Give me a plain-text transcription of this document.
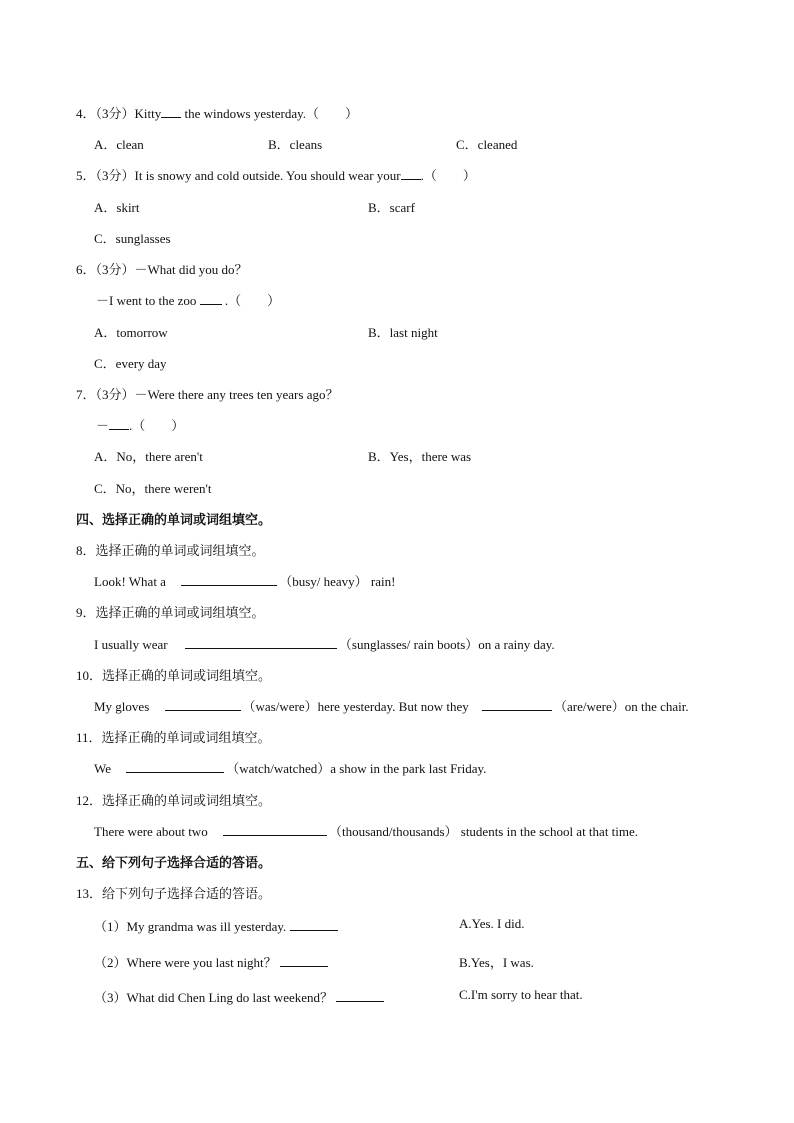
4．（3分）Kitty the windows yesterday.（　　）
A．clean	B．cleans	C．cleaned
5．（3分）It is snowy and cold outside. You should wear your .（　　）
A．skirt	B．scarf
C．sunglasses
6．（3分）－What did you do？
－I went to the zoo  .（　　）
A．tomorrow	B．last night
C．every day
7．（3分）－Were there any trees ten years ago？
－ .（　　）
A．No，there aren't	B．Yes，there was
C．No，there weren't
四、选择正确的单词或词组填空。
8．选择正确的单词或词组填空。
Look! What a	（busy/ heavy） rain!
9．选择正确的单词或词组填空。
I usually wear	（sunglasses/ rain boots）on a rainy day.
10．选择正确的单词或词组填空。
My gloves	（was/were）here yesterday. But now they	（are/were）on the chair.
11．选择正确的单词或词组填空。
We	（watch/watched）a show in the park last Friday.
12．选择正确的单词或词组填空。
There were about two	（thousand/thousands） students in the school at that time.
五、给下列句子选择合适的答语。
13．给下列句子选择合适的答语。
（1）My grandma was ill yesterday.	A.Yes. I did.
（2）Where were you last night？	B.Yes，I was.
（3）What did Chen Ling do last weekend？	C.I'm sorry to hear that.
